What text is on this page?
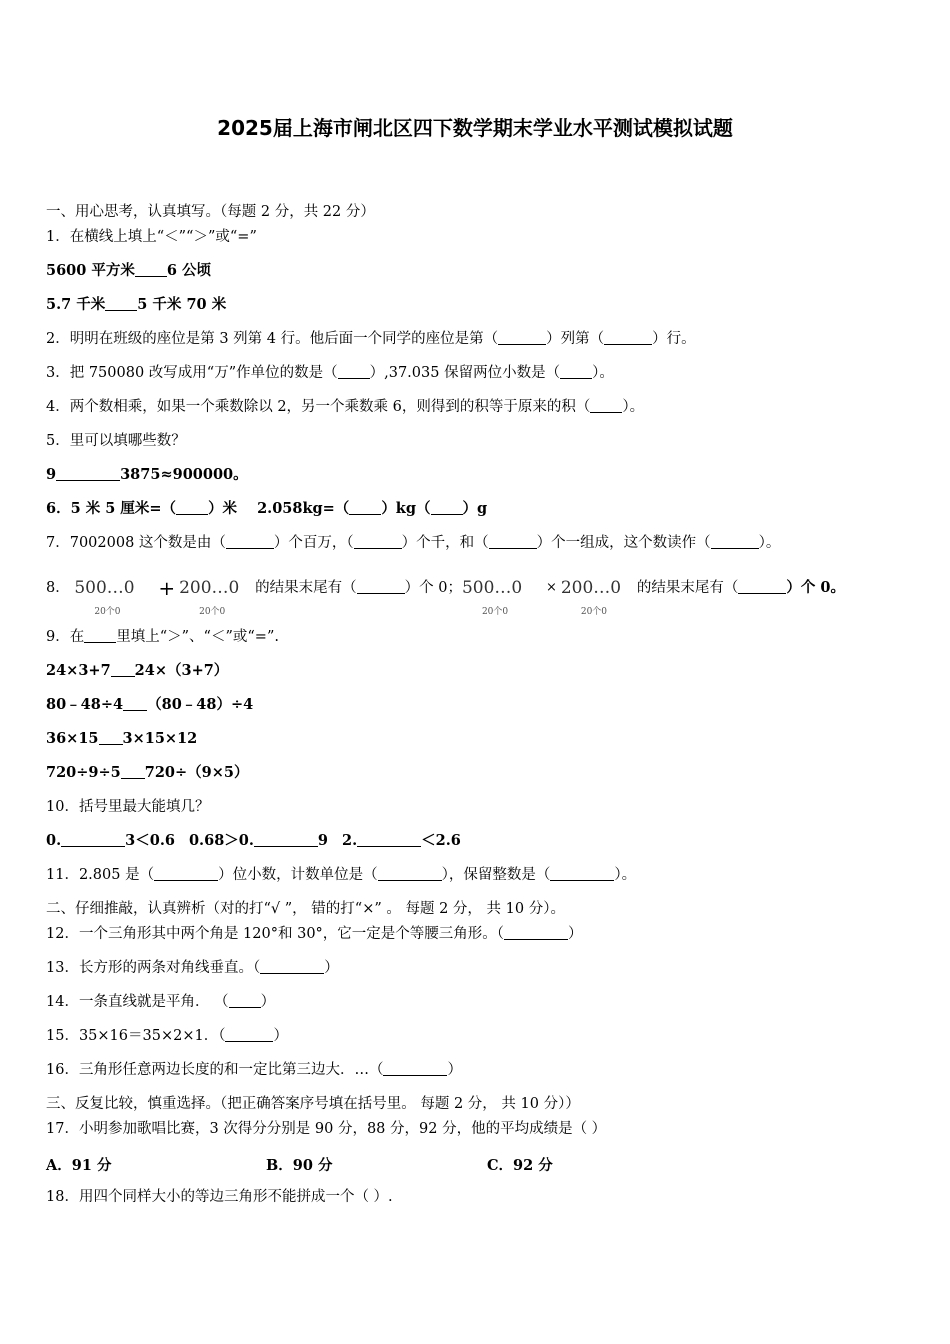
2025届上海市闸北区四下数学期末学业水平测试模拟试题
一、用心思考，认真填写。（每题 2 分，共 22 分）
1．在横线上填上“＜”“＞”或“=”
5600 平方米 6 公顷
5.7 千米 5 千米 70 米
2．明明在班级的座位是第 3 列第 4 行。他后面一个同学的座位是第（	）列第（	）行。
3．把 750080 改写成用“万”作单位的数是（ ）,37.035 保留两位小数是（ ）。
4．两个数相乘，如果一个乘数除以 2，另一个乘数乘 6，则得到的积等于原来的积（ ）。
5．里可以填哪些数？
9	3875≈900000。
6．5 米 5 厘米=（ ）米 2.058kg=（ ）kg（ ）g
7．7002008 这个数是由（	）个百万，（	）个千，和（	）个一组成，这个数读作（	）。
8． 500…0
20个0
+ 200…0
20个0
的结果末尾有（	）个 0； 500…0
20个0
× 200…0
20个0
的结果末尾有（	）个 0。
9．在 里填上“＞”、“＜”或“=”.
24×3+7 24×（3+7）
80﹣48÷4 （80﹣48）÷4
36×15 3×15×12
720÷9÷5 720÷（9×5）
10．括号里最大能填几？
0.	3＜0.6 0.68＞0.	9 2.	＜2.6
11．2.805 是（	）位小数，计数单位是（	），保留整数是（	）。
二、仔细推敲，认真辨析（对的打“√ ”， 错的打“×” 。 每题 2 分， 共 10 分）。
12．一个三角形其中两个角是 120°和 30°，它一定是个等腰三角形。（	）
13．长方形的两条对角线垂直。（	）
14．一条直线就是平角． （ ）
15．35×16＝35×2×1．（	）
16．三角形任意两边长度的和一定比第三边大．…（	）
三、反复比较，慎重选择。（把正确答案序号填在括号里。 每题 2 分， 共 10 分））
17．小明参加歌唱比赛，3 次得分分别是 90 分，88 分，92 分，他的平均成绩是（ ）
A．91 分	B．90 分	C．92 分
18．用四个同样大小的等边三角形不能拼成一个（ ）.
